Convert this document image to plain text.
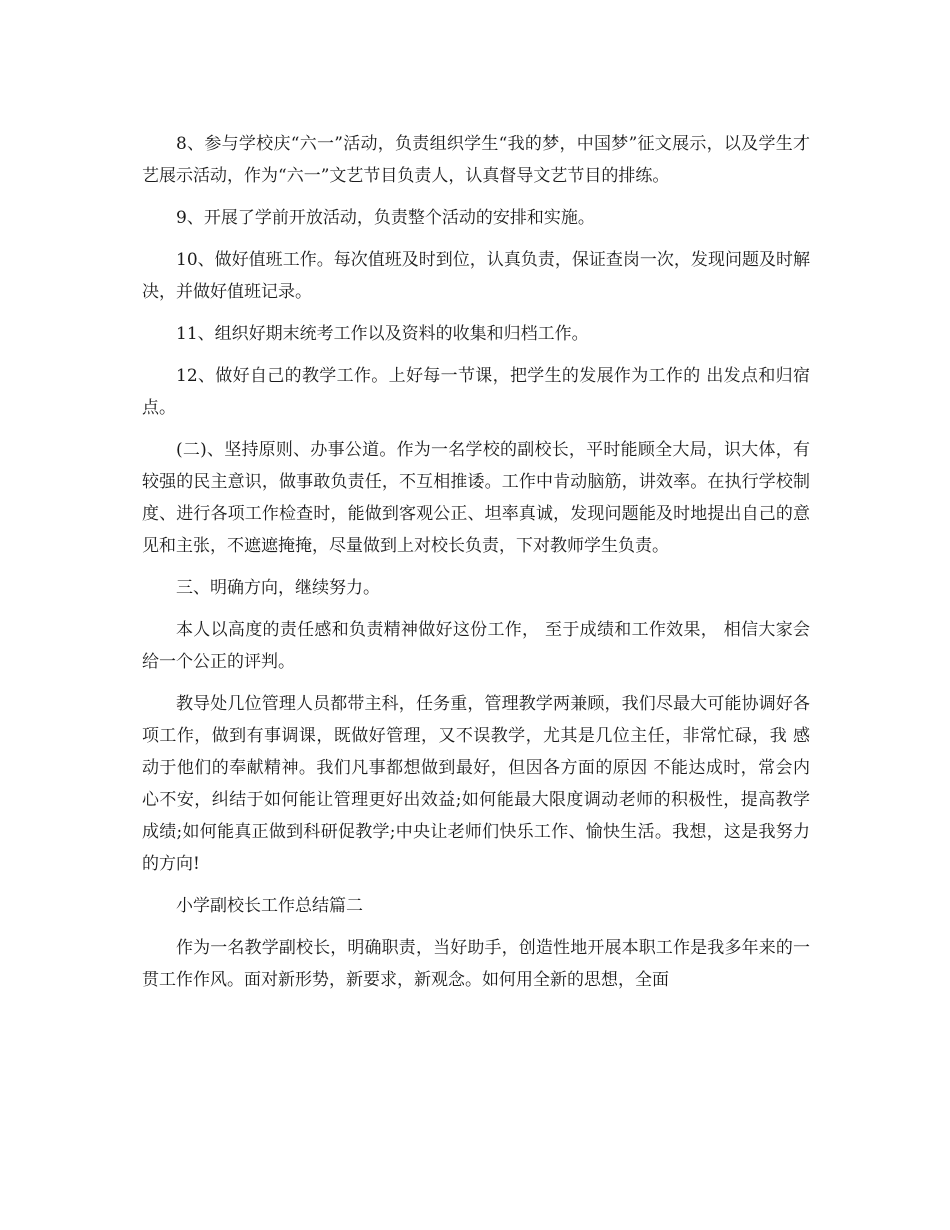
8、参与学校庆“六一”活动，负责组织学生“我的梦，中国梦”征文展示，以及学生才艺展示活动，作为“六一”文艺节目负责人，认真督导文艺节目的排练。

9、开展了学前开放活动，负责整个活动的安排和实施。

10、做好值班工作。每次值班及时到位，认真负责，保证查岗一次，发现问题及时解决，并做好值班记录。

11、组织好期末统考工作以及资料的收集和归档工作。

12、做好自己的教学工作。上好每一节课，把学生的发展作为工作的 出发点和归宿点。

(二)、坚持原则、办事公道。作为一名学校的副校长，平时能顾全大局，识大体，有较强的民主意识，做事敢负责任，不互相推诿。工作中肯动脑筋，讲效率。在执行学校制度、进行各项工作检查时，能做到客观公正、坦率真诚，发现问题能及时地提出自己的意见和主张，不遮遮掩掩，尽量做到上对校长负责，下对教师学生负责。

三、明确方向，继续努力。

本人以高度的责任感和负责精神做好这份工作， 至于成绩和工作效果， 相信大家会给一个公正的评判。

教导处几位管理人员都带主科，任务重，管理教学两兼顾，我们尽最大可能协调好各项工作，做到有事调课，既做好管理，又不误教学，尤其是几位主任，非常忙碌，我 感动于他们的奉献精神。我们凡事都想做到最好，但因各方面的原因 不能达成时，常会内心不安，纠结于如何能让管理更好出效益;如何能最大限度调动老师的积极性，提高教学成绩;如何能真正做到科研促教学;中央让老师们快乐工作、愉快生活。我想，这是我努力的方向!

小学副校长工作总结篇二

作为一名教学副校长，明确职责，当好助手，创造性地开展本职工作是我多年来的一贯工作作风。面对新形势，新要求，新观念。如何用全新的思想，全面
